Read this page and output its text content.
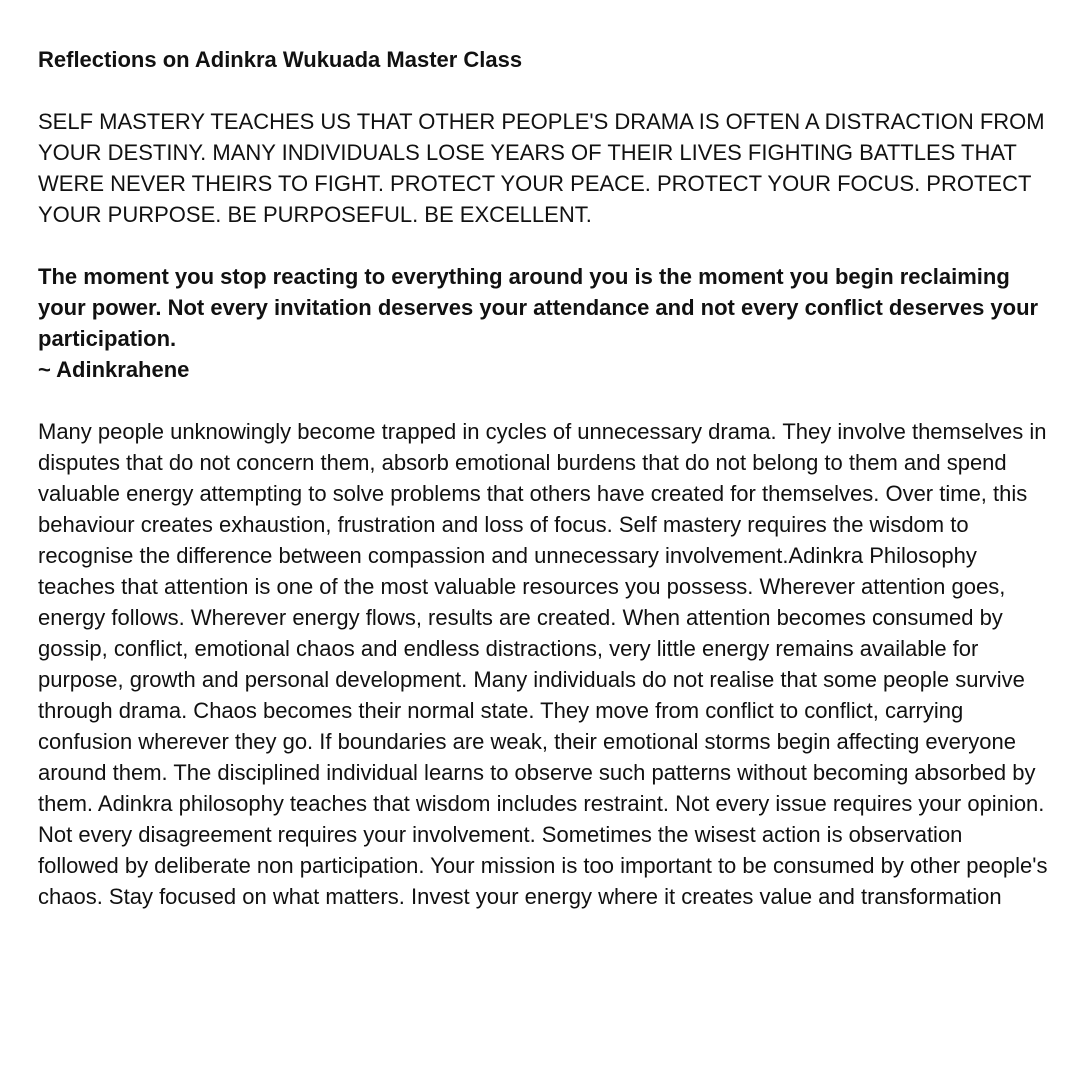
Reflections on Adinkra Wukuada Master Class

SELF MASTERY TEACHES US THAT OTHER PEOPLE'S DRAMA IS OFTEN A DISTRACTION FROM YOUR DESTINY. MANY INDIVIDUALS LOSE YEARS OF THEIR LIVES FIGHTING BATTLES THAT WERE NEVER THEIRS TO FIGHT. PROTECT YOUR PEACE. PROTECT YOUR FOCUS. PROTECT YOUR PURPOSE. BE PURPOSEFUL. BE EXCELLENT.

The moment you stop reacting to everything around you is the moment you begin reclaiming your power. Not every invitation deserves your attendance and not every conflict deserves your participation.

~ Adinkrahene

Many people unknowingly become trapped in cycles of unnecessary drama. They involve themselves in disputes that do not concern them, absorb emotional burdens that do not belong to them and spend valuable energy attempting to solve problems that others have created for themselves. Over time, this behaviour creates exhaustion, frustration and loss of focus. Self mastery requires the wisdom to recognise the difference between compassion and unnecessary involvement.Adinkra Philosophy teaches that attention is one of the most valuable resources you possess. Wherever attention goes, energy follows. Wherever energy flows, results are created. When attention becomes consumed by gossip, conflict, emotional chaos and endless distractions, very little energy remains available for purpose, growth and personal development. Many individuals do not realise that some people survive through drama. Chaos becomes their normal state. They move from conflict to conflict, carrying confusion wherever they go. If boundaries are weak, their emotional storms begin affecting everyone around them. The disciplined individual learns to observe such patterns without becoming absorbed by them. Adinkra philosophy teaches that wisdom includes restraint. Not every issue requires your opinion. Not every disagreement requires your involvement. Sometimes the wisest action is observation followed by deliberate non participation. Your mission is too important to be consumed by other people's chaos. Stay focused on what matters. Invest your energy where it creates value and transformation
